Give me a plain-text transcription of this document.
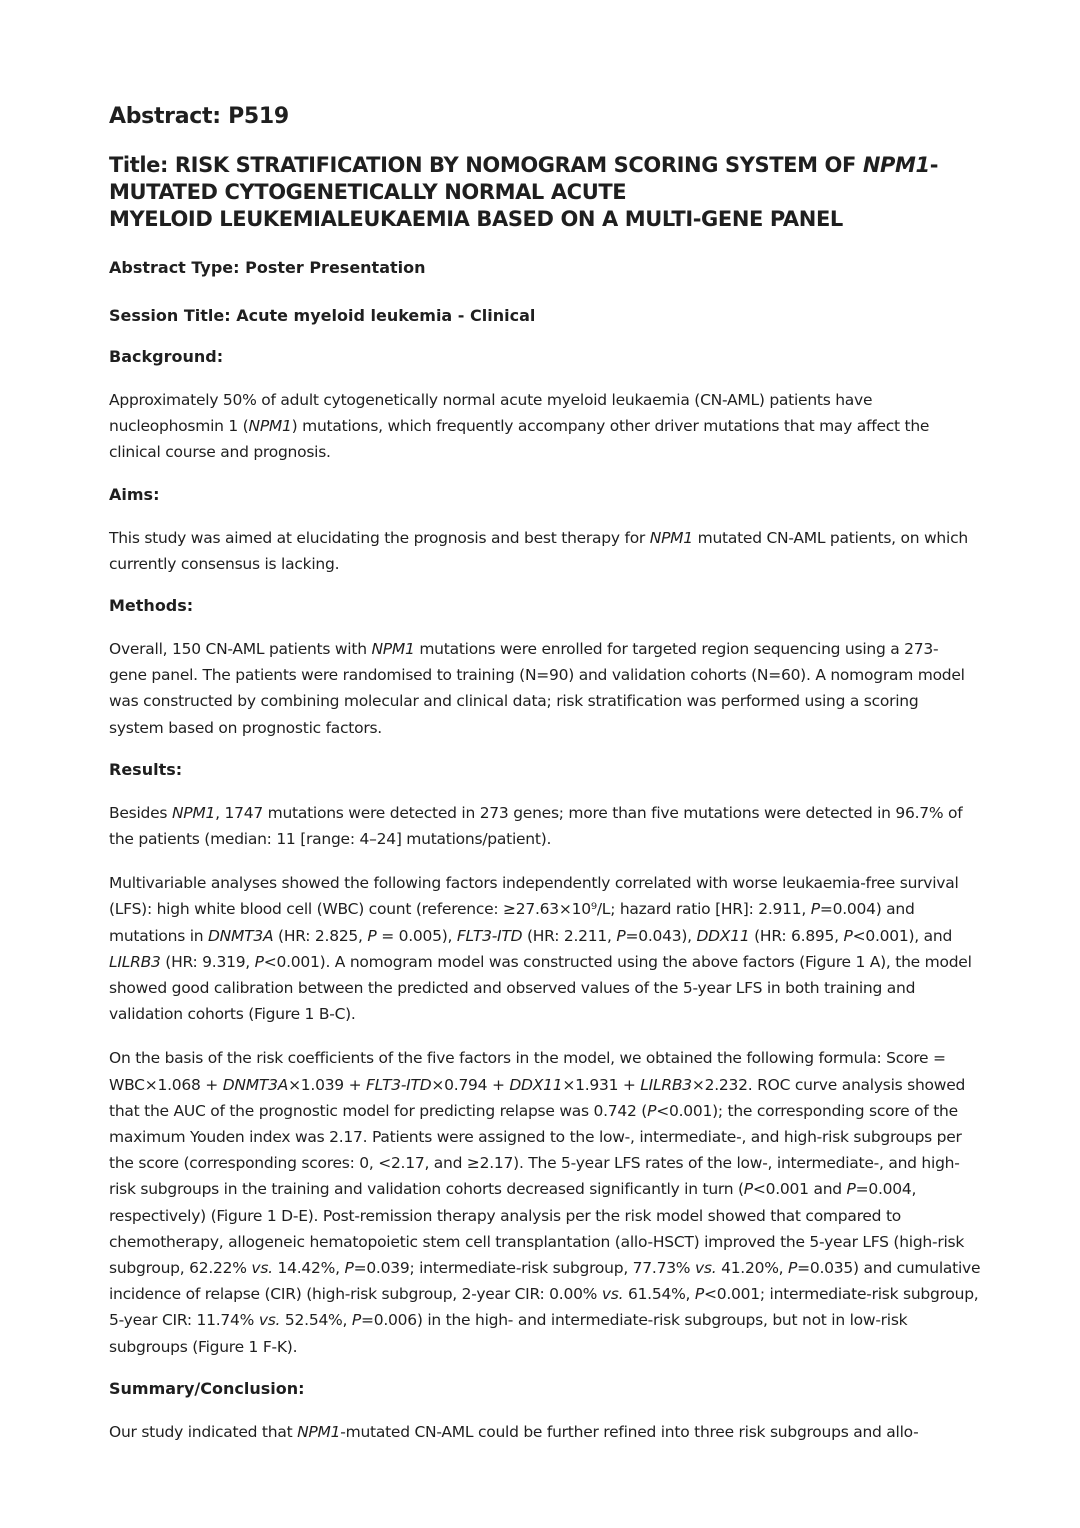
Abstract: P519
Title: RISK STRATIFICATION BY NOMOGRAM SCORING SYSTEM OF NPM1-
MUTATED CYTOGENETICALLY NORMAL ACUTE
MYELOID LEUKEMIALEUKAEMIA BASED ON A MULTI-GENE PANEL

Abstract Type: Poster Presentation

Session Title: Acute myeloid leukemia - Clinical

Background:
Approximately 50% of adult cytogenetically normal acute myeloid leukaemia (CN-AML) patients have
nucleophosmin 1 (NPM1) mutations, which frequently accompany other driver mutations that may affect the
clinical course and prognosis.
Aims:
This study was aimed at elucidating the prognosis and best therapy for NPM1 mutated CN-AML patients, on which
currently consensus is lacking.
Methods:
Overall, 150 CN-AML patients with NPM1 mutations were enrolled for targeted region sequencing using a 273-
gene panel. The patients were randomised to training (N=90) and validation cohorts (N=60). A nomogram model
was constructed by combining molecular and clinical data; risk stratification was performed using a scoring
system based on prognostic factors.
Results:
Besides NPM1, 1747 mutations were detected in 273 genes; more than five mutations were detected in 96.7% of
the patients (median: 11 [range: 4–24] mutations/patient).
Multivariable analyses showed the following factors independently correlated with worse leukaemia-free survival
(LFS): high white blood cell (WBC) count (reference: ≥27.63×10⁹/L; hazard ratio [HR]: 2.911, P=0.004) and
mutations in DNMT3A (HR: 2.825, P = 0.005), FLT3-ITD (HR: 2.211, P=0.043), DDX11 (HR: 6.895, P<0.001), and
LILRB3 (HR: 9.319, P<0.001). A nomogram model was constructed using the above factors (Figure 1 A), the model
showed good calibration between the predicted and observed values of the 5-year LFS in both training and
validation cohorts (Figure 1 B-C).
On the basis of the risk coefficients of the five factors in the model, we obtained the following formula: Score =
WBC×1.068 + DNMT3A×1.039 + FLT3-ITD×0.794 + DDX11×1.931 + LILRB3×2.232. ROC curve analysis showed
that the AUC of the prognostic model for predicting relapse was 0.742 (P<0.001); the corresponding score of the
maximum Youden index was 2.17. Patients were assigned to the low-, intermediate-, and high-risk subgroups per
the score (corresponding scores: 0, <2.17, and ≥2.17). The 5-year LFS rates of the low-, intermediate-, and high-
risk subgroups in the training and validation cohorts decreased significantly in turn (P<0.001 and P=0.004,
respectively) (Figure 1 D-E). Post-remission therapy analysis per the risk model showed that compared to
chemotherapy, allogeneic hematopoietic stem cell transplantation (allo-HSCT) improved the 5-year LFS (high-risk
subgroup, 62.22% vs. 14.42%, P=0.039; intermediate-risk subgroup, 77.73% vs. 41.20%, P=0.035) and cumulative
incidence of relapse (CIR) (high-risk subgroup, 2-year CIR: 0.00% vs. 61.54%, P<0.001; intermediate-risk subgroup,
5-year CIR: 11.74% vs. 52.54%, P=0.006) in the high- and intermediate-risk subgroups, but not in low-risk
subgroups (Figure 1 F-K).
Summary/Conclusion:
Our study indicated that NPM1-mutated CN-AML could be further refined into three risk subgroups and allo-
